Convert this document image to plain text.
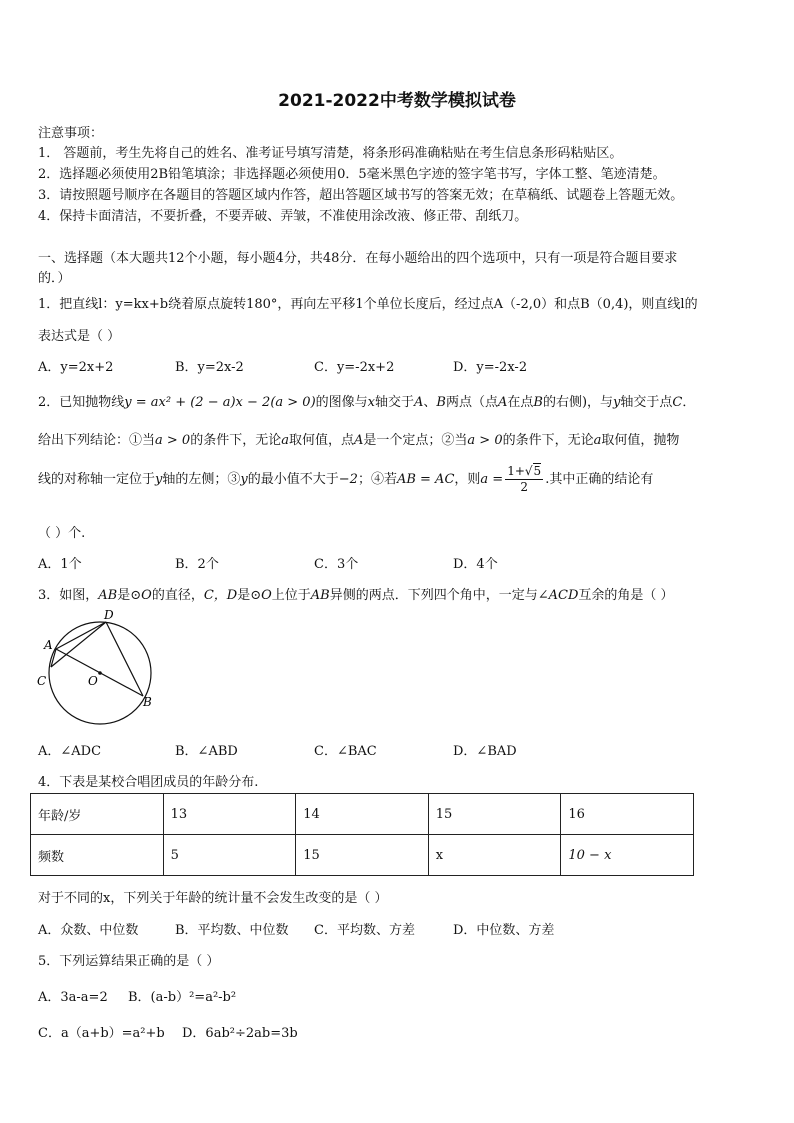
2021-2022中考数学模拟试卷
注意事项：
1． 答题前，考生先将自己的姓名、准考证号填写清楚，将条形码准确粘贴在考生信息条形码粘贴区。
2．选择题必须使用2B铅笔填涂；非选择题必须使用0．5毫米黑色字迹的签字笔书写，字体工整、笔迹清楚。
3．请按照题号顺序在各题目的答题区域内作答，超出答题区域书写的答案无效；在草稿纸、试题卷上答题无效。
4．保持卡面清洁，不要折叠，不要弄破、弄皱，不准使用涂改液、修正带、刮纸刀。
一、选择题（本大题共12个小题，每小题4分，共48分．在每小题给出的四个选项中，只有一项是符合题目要求
的．）
1．把直线l：y=kx+b绕着原点旋转180°，再向左平移1个单位长度后，经过点A（-2,0）和点B（0,4)，则直线l的
表达式是（ ）
A．y=2x+2	B．y=2x-2	C．y=-2x+2	D．y=-2x-2
2．已知抛物线y = ax² + (2 − a)x − 2(a > 0)的图像与x轴交于A、B两点（点A在点B的右侧)，与y轴交于点C．
给出下列结论：①当a > 0的条件下，无论a取何值，点A是一个定点；②当a > 0的条件下，无论a取何值，抛物
线的对称轴一定位于y轴的左侧；③y的最小值不大于−2；④若AB = AC，则$a = \frac{1+√5}{2}$ .其中正确的结论有
（ ）个.
A．1个	B．2个	C．3个	D．4个
3．如图，AB是⊙O的直径，C，D是⊙O上位于AB异侧的两点．下列四个角中，一定与∠ACD互余的角是（ ）
A
B
C
D
O
A．∠ADC	B．∠ABD	C．∠BAC	D．∠BAD
4．下表是某校合唱团成员的年龄分布.
年龄/岁	13	14	15	16
频数	5	15	x	10 − x
对于不同的x，下列关于年龄的统计量不会发生改变的是（ ）
A．众数、中位数	B．平均数、中位数 C．平均数、方差	D．中位数、方差
5．下列运算结果正确的是（ ）
A．3a-a=2 B．(a-b）²=a²-b²
C．a（a+b）=a²+b D．6ab²÷2ab=3b
